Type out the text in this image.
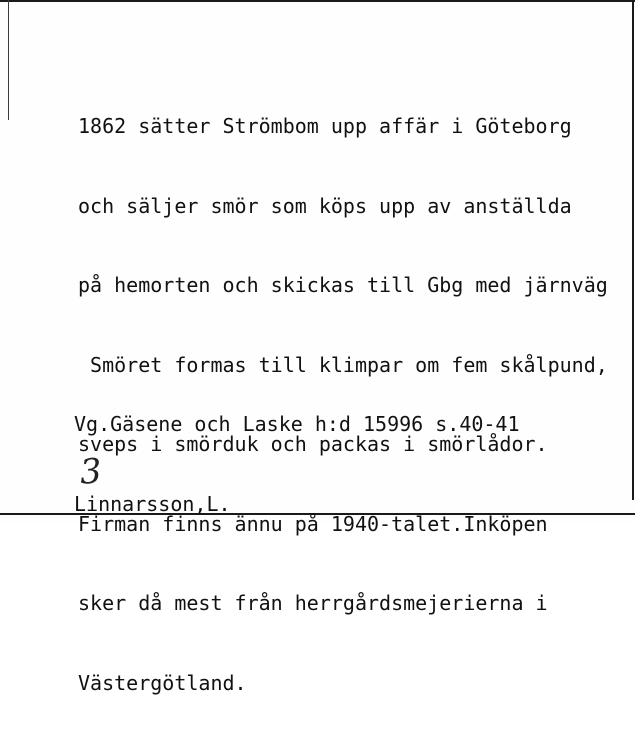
1862 sätter Strömbom upp affär i Göteborg

och säljer smör som köps upp av anställda

på hemorten och skickas till Gbg med järnväg

Smöret formas till klimpar om fem skålpund,

sveps i smörduk och packas i smörlådor.

Firman finns ännu på 1940-talet.Inköpen

sker då mest från herrgårdsmejerierna i

Västergötland.

Vg.Gäsene och Laske h:d 15996 s.40-41

Linnarsson,L.

3
